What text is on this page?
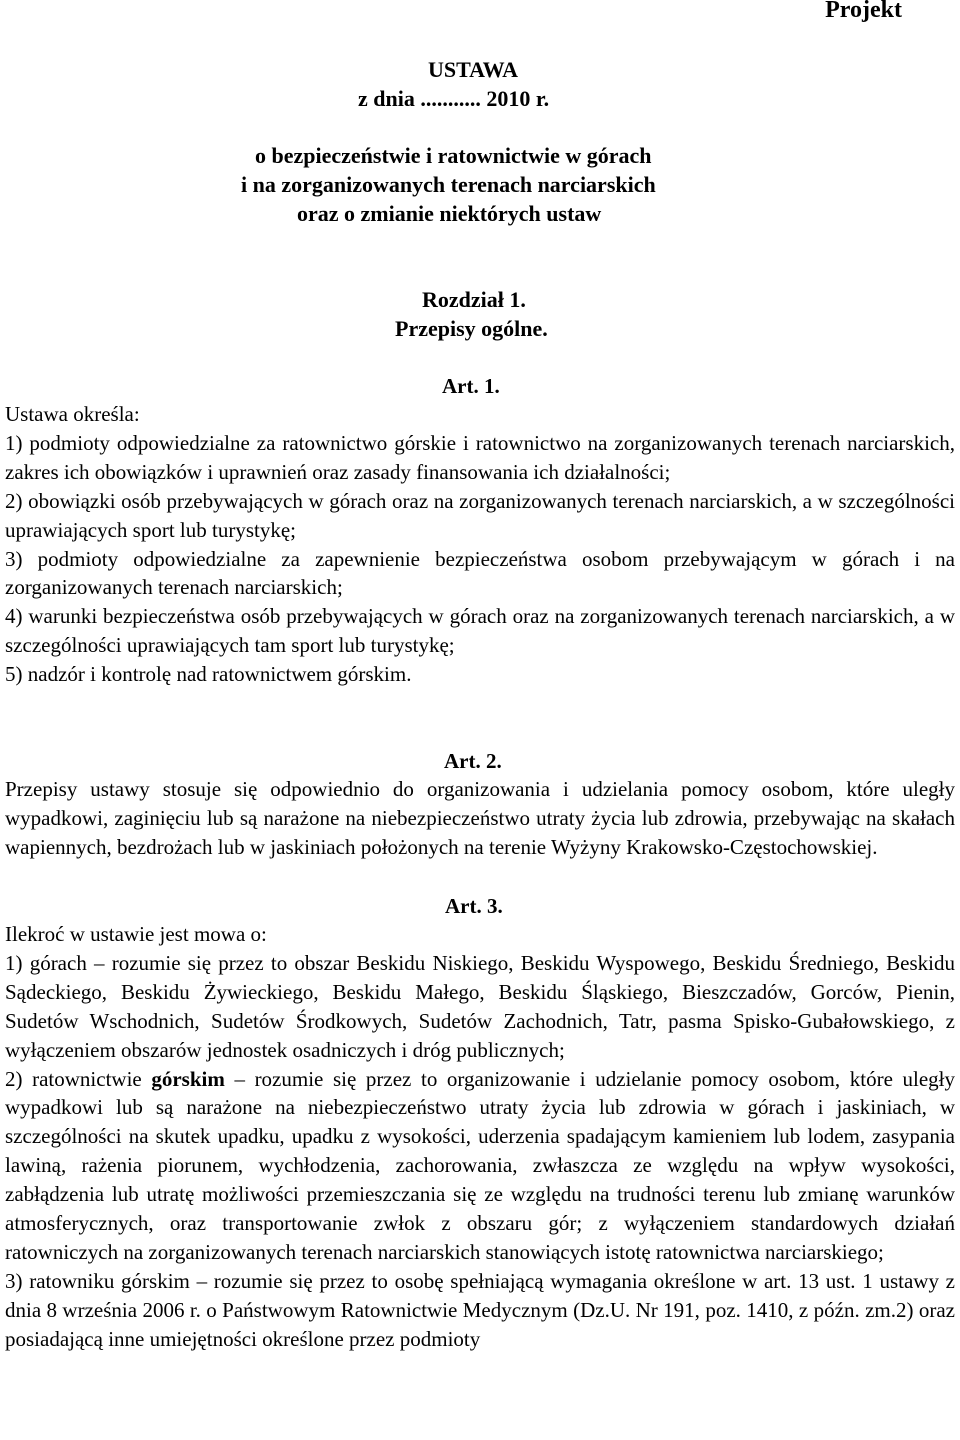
Projekt
USTAWA
z dnia ........... 2010 r.
o bezpieczeństwie i ratownictwie w górach
i na zorganizowanych terenach narciarskich
oraz o zmianie niektórych ustaw
Rozdział 1.
Przepisy ogólne.
Art. 1.

Ustawa określa:

1) podmioty odpowiedzialne za ratownictwo górskie i ratownictwo na zorganizowanych terenach narciarskich, zakres ich obowiązków i uprawnień oraz zasady finansowania ich działalności;

2) obowiązki osób przebywających w górach oraz na zorganizowanych terenach narciarskich, a w szczególności uprawiających sport lub turystykę;

3) podmioty odpowiedzialne za zapewnienie bezpieczeństwa osobom przebywającym w górach i na zorganizowanych terenach narciarskich;

4) warunki bezpieczeństwa osób przebywających w górach oraz na zorganizowanych terenach narciarskich, a w szczególności uprawiających tam sport lub turystykę;

5) nadzór i kontrolę nad ratownictwem górskim.

Art. 2.

Przepisy ustawy stosuje się odpowiednio do organizowania i udzielania pomocy osobom, które uległy wypadkowi, zaginięciu lub są narażone na niebezpieczeństwo utraty życia lub zdrowia, przebywając na skałach wapiennych, bezdrożach lub w jaskiniach położonych na terenie Wyżyny Krakowsko-Częstochowskiej.

Art. 3.

Ilekroć w ustawie jest mowa o:

1) górach – rozumie się przez to obszar Beskidu Niskiego, Beskidu Wyspowego, Beskidu Średniego, Beskidu Sądeckiego, Beskidu Żywieckiego, Beskidu Małego, Beskidu Śląskiego, Bieszczadów, Gorców, Pienin, Sudetów Wschodnich, Sudetów Środkowych, Sudetów Zachodnich, Tatr, pasma Spisko-Gubałowskiego, z wyłączeniem obszarów jednostek osadniczych i dróg publicznych;

2) ratownictwie górskim – rozumie się przez to organizowanie i udzielanie pomocy osobom, które uległy wypadkowi lub są narażone na niebezpieczeństwo utraty życia lub zdrowia w górach i jaskiniach, w szczególności na skutek upadku, upadku z wysokości, uderzenia spadającym kamieniem lub lodem, zasypania lawiną, rażenia piorunem, wychłodzenia, zachorowania, zwłaszcza ze względu na wpływ wysokości, zabłądzenia lub utratę możliwości przemieszczania się ze względu na trudności terenu lub zmianę warunków atmosferycznych, oraz transportowanie zwłok z obszaru gór; z wyłączeniem standardowych działań ratowniczych na zorganizowanych terenach narciarskich stanowiących istotę ratownictwa narciarskiego;

3) ratowniku górskim – rozumie się przez to osobę spełniającą wymagania określone w art. 13 ust. 1 ustawy z dnia 8 września 2006 r. o Państwowym Ratownictwie Medycznym (Dz.U. Nr 191, poz. 1410, z późn. zm.2) oraz posiadającą inne umiejętności określone przez podmioty
